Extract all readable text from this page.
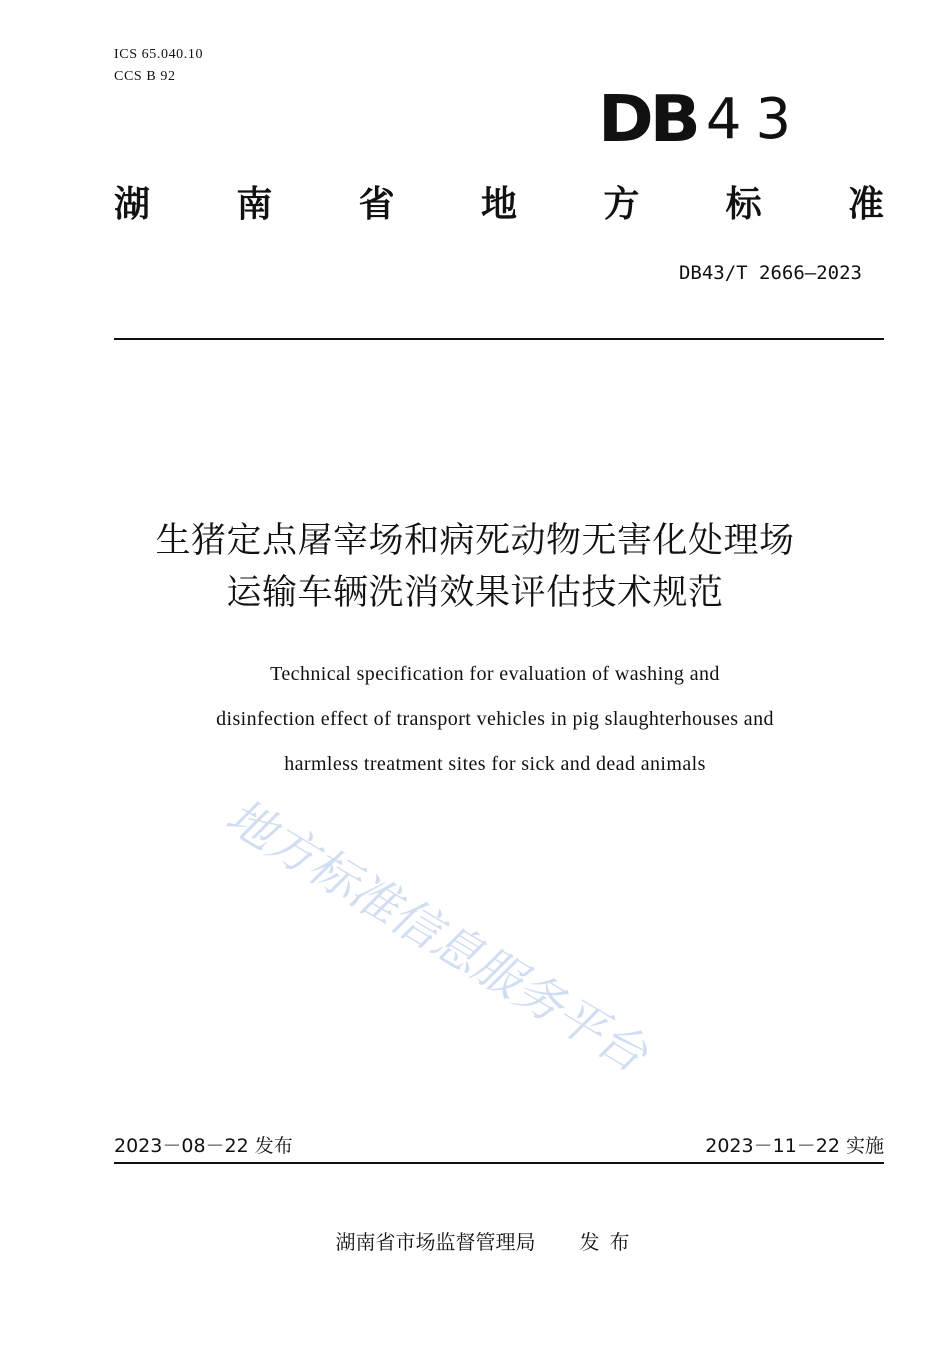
ICS 65.040.10
CCS B 92
DB 43
湖 南 省 地 方 标 准
DB43/T 2666—2023
生猪定点屠宰场和病死动物无害化处理场
运输车辆洗消效果评估技术规范
Technical specification for evaluation of washing and
disinfection effect of transport vehicles in pig slaughterhouses and
harmless treatment sites for sick and dead animals
地方标准信息服务平台
2023－08－22 发布	2023－11－22 实施
湖南省市场监督管理局 发布
